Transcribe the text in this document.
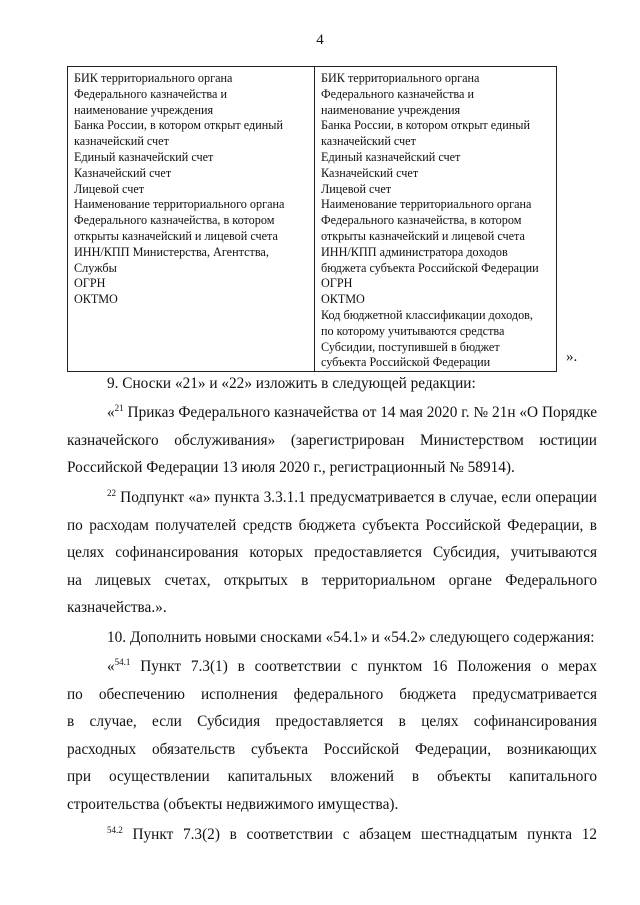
4
БИК территориального органа
Федерального казначейства и
наименование учреждения
Банка России, в котором открыт единый
казначейский счет
Единый казначейский счет
Казначейский счет
Лицевой счет
Наименование территориального органа
Федерального казначейства, в котором
открыты казначейский и лицевой счета
ИНН/КПП Министерства, Агентства,
Службы
ОГРН
ОКТМО

БИК территориального органа
Федерального казначейства и
наименование учреждения
Банка России, в котором открыт единый
казначейский счет
Единый казначейский счет
Казначейский счет
Лицевой счет
Наименование территориального органа
Федерального казначейства, в котором
открыты казначейский и лицевой счета
ИНН/КПП администратора доходов
бюджета субъекта Российской Федерации
ОГРН
ОКТМО
Код бюджетной классификации доходов,
по которому учитываются средства
Субсидии, поступившей в бюджет
субъекта Российской Федерации	».
9. Сноски «21» и «22» изложить в следующей редакции:
«$^{21}$ Приказ Федерального казначейства от 14 мая 2020 г. № 21н «О Порядке
казначейского обслуживания» (зарегистрирован Министерством юстиции
Российской Федерации 13 июля 2020 г., регистрационный № 58914).
$^{22}$ Подпункт «а» пункта 3.3.1.1 предусматривается в случае, если операции
по расходам получателей средств бюджета субъекта Российской Федерации, в
целях софинансирования которых предоставляется Субсидия, учитываются
на лицевых счетах, открытых в территориальном органе Федерального
казначейства.».
10. Дополнить новыми сносками «54.1» и «54.2» следующего содержания:
«$^{54.1}$ Пункт 7.3(1) в соответствии с пунктом 16 Положения о мерах
по обеспечению исполнения федерального бюджета предусматривается
в случае, если Субсидия предоставляется в целях софинансирования
расходных обязательств субъекта Российской Федерации, возникающих
при осуществлении капитальных вложений в объекты капитального
строительства (объекты недвижимого имущества).
$^{54.2}$ Пункт 7.3(2) в соответствии с абзацем шестнадцатым пункта 12
